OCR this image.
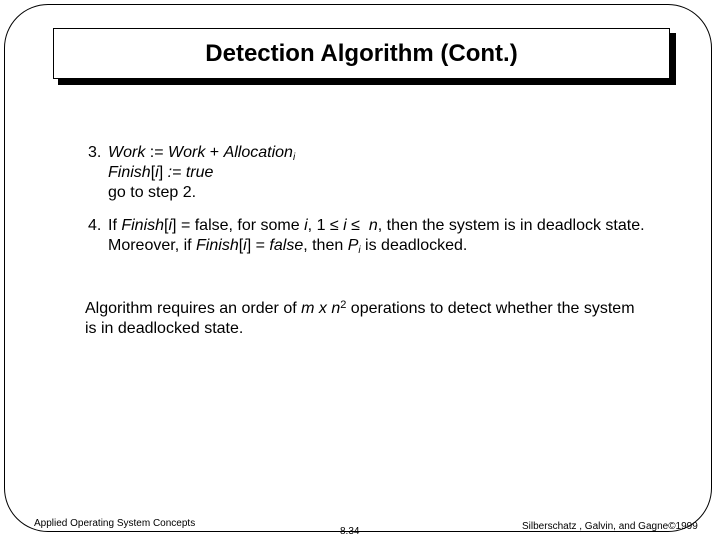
Detection Algorithm (Cont.)
3. Work := Work + Allocation$_i$
Finish[i] := true
go to step 2.
4. If Finish[i] = false, for some i, 1 ≤ i ≤  n, then the system is in deadlock state. Moreover, if Finish[i] = false, then $P_i$ is deadlocked.
Algorithm requires an order of m x $n^2$ operations to detect whether the system is in deadlocked state.
Applied Operating System Concepts
8.34	Silberschatz , Galvin, and Gagne©1999
